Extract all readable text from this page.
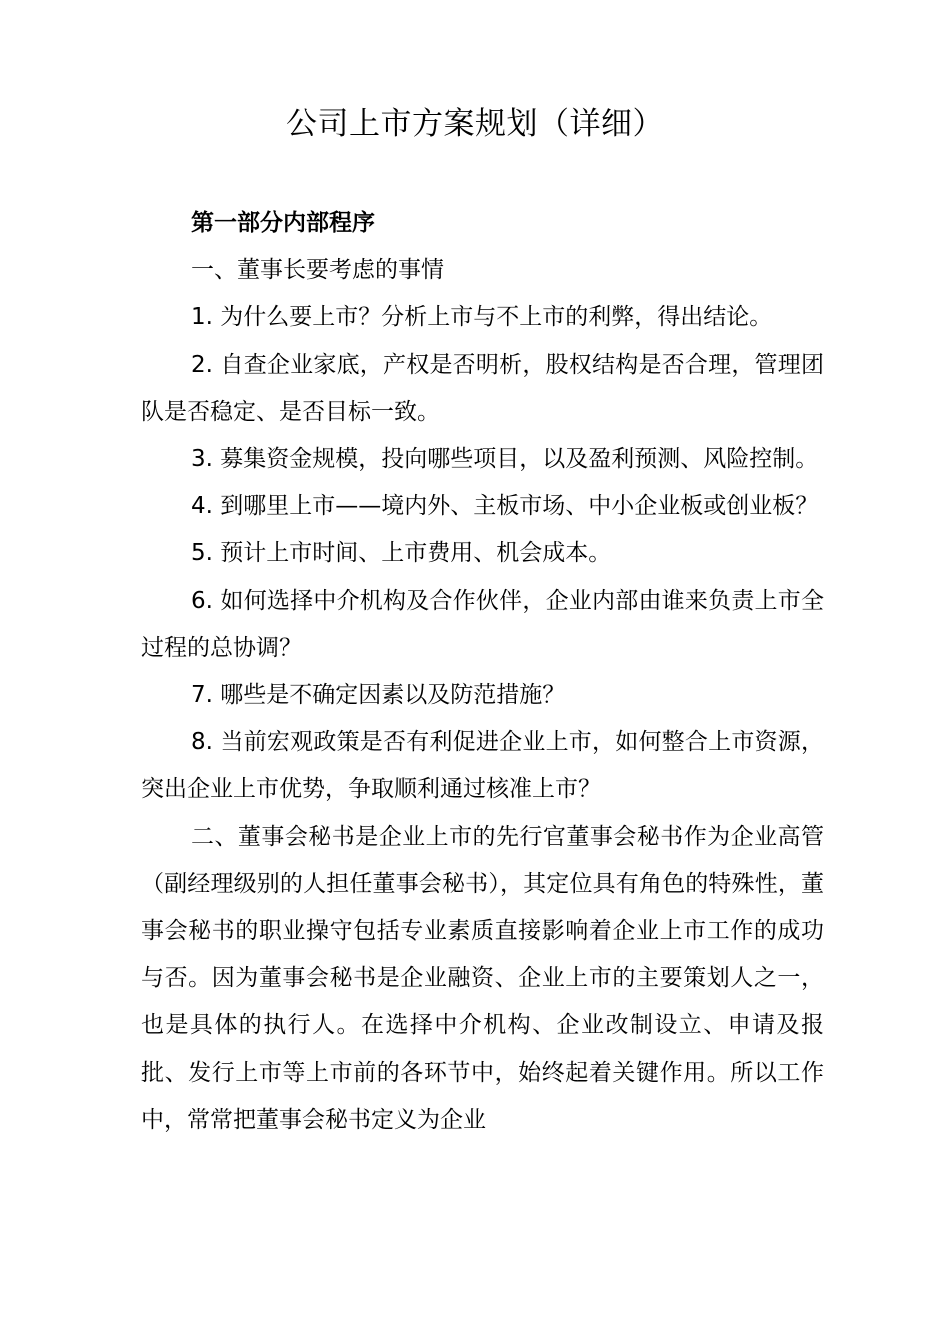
公司上市方案规划（详细）

第一部分内部程序

一、董事长要考虑的事情

1. 为什么要上市？分析上市与不上市的利弊，得出结论。

2. 自查企业家底，产权是否明析，股权结构是否合理，管理团队是否稳定、是否目标一致。

3. 募集资金规模，投向哪些项目，以及盈利预测、风险控制。

4. 到哪里上市——境内外、主板市场、中小企业板或创业板？

5. 预计上市时间、上市费用、机会成本。

6. 如何选择中介机构及合作伙伴，企业内部由谁来负责上市全过程的总协调？

7. 哪些是不确定因素以及防范措施？

8. 当前宏观政策是否有利促进企业上市，如何整合上市资源，突出企业上市优势，争取顺利通过核准上市？

二、董事会秘书是企业上市的先行官董事会秘书作为企业高管（副经理级别的人担任董事会秘书），其定位具有角色的特殊性，董事会秘书的职业操守包括专业素质直接影响着企业上市工作的成功与否。因为董事会秘书是企业融资、企业上市的主要策划人之一，也是具体的执行人。在选择中介机构、企业改制设立、申请及报批、发行上市等上市前的各环节中，始终起着关键作用。所以工作中，常常把董事会秘书定义为企业
